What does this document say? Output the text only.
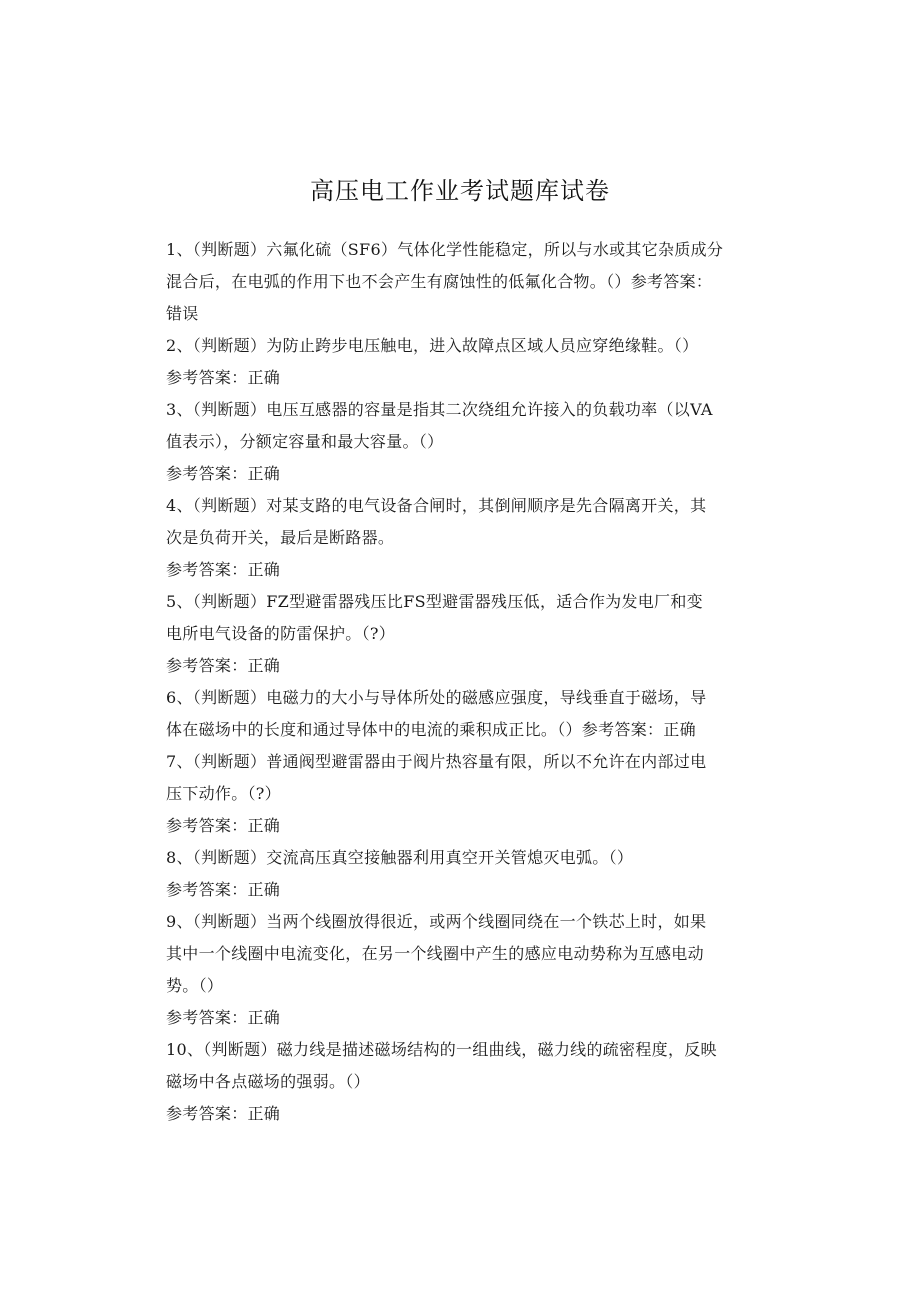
高压电工作业考试题库试卷
1、（判断题）六氟化硫（SF6）气体化学性能稳定，所以与水或其它杂质成分
混合后，在电弧的作用下也不会产生有腐蚀性的低氟化合物。（）参考答案：
错误
2、（判断题）为防止跨步电压触电，进入故障点区域人员应穿绝缘鞋。（）
参考答案：正确
3、（判断题）电压互感器的容量是指其二次绕组允许接入的负载功率（以VA
值表示），分额定容量和最大容量。（）
参考答案：正确
4、（判断题）对某支路的电气设备合闸时，其倒闸顺序是先合隔离开关，其
次是负荷开关，最后是断路器。
参考答案：正确
5、（判断题）FZ型避雷器残压比FS型避雷器残压低，适合作为发电厂和变
电所电气设备的防雷保护。（?）
参考答案：正确
6、（判断题）电磁力的大小与导体所处的磁感应强度，导线垂直于磁场，导
体在磁场中的长度和通过导体中的电流的乘积成正比。（）参考答案：正确
7、（判断题）普通阀型避雷器由于阀片热容量有限，所以不允许在内部过电
压下动作。（?）
参考答案：正确
8、（判断题）交流高压真空接触器利用真空开关管熄灭电弧。（）
参考答案：正确
9、（判断题）当两个线圈放得很近，或两个线圈同绕在一个铁芯上时，如果
其中一个线圈中电流变化，在另一个线圈中产生的感应电动势称为互感电动
势。（）
参考答案：正确
10、（判断题）磁力线是描述磁场结构的一组曲线，磁力线的疏密程度，反映
磁场中各点磁场的强弱。（）
参考答案：正确
